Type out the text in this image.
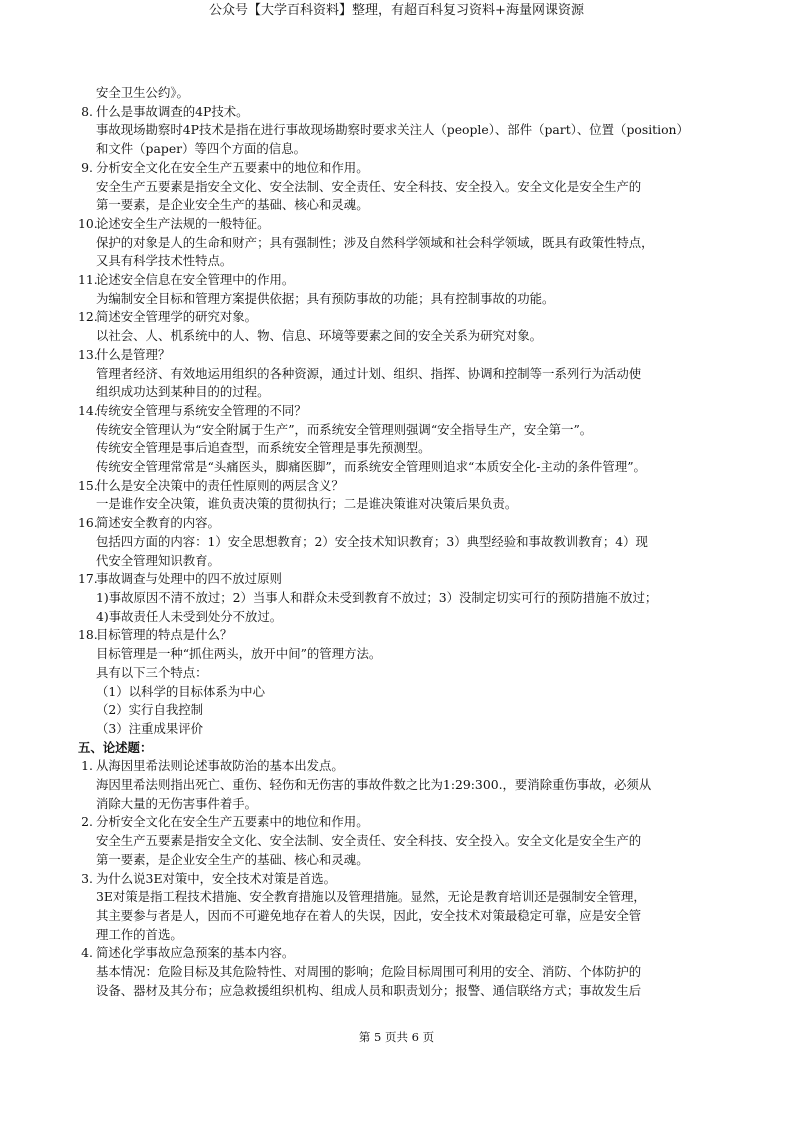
公众号【大学百科资料】整理，有超百科复习资料+海量网课资源
安全卫生公约》。
8. 什么是事故调查的4P技术。
事故现场勘察时4P技术是指在进行事故现场勘察时要求关注人（people）、部件（part）、位置（position）
和文件（paper）等四个方面的信息。
9. 分析安全文化在安全生产五要素中的地位和作用。
安全生产五要素是指安全文化、安全法制、安全责任、安全科技、安全投入。安全文化是安全生产的
第一要素，是企业安全生产的基础、核心和灵魂。
10.
论述安全生产法规的一般特征。
保护的对象是人的生命和财产；具有强制性；涉及自然科学领域和社会科学领域，既具有政策性特点，
又具有科学技术性特点。
11.
论述安全信息在安全管理中的作用。
为编制安全目标和管理方案提供依据；具有预防事故的功能；具有控制事故的功能。
12.
简述安全管理学的研究对象。
以社会、人、机系统中的人、物、信息、环境等要素之间的安全关系为研究对象。
13.
什么是管理？
管理者经济、有效地运用组织的各种资源，通过计划、组织、指挥、协调和控制等一系列行为活动使
组织成功达到某种目的的过程。
14.
传统安全管理与系统安全管理的不同？
传统安全管理认为“安全附属于生产”，而系统安全管理则强调“安全指导生产，安全第一”。
传统安全管理是事后追查型，而系统安全管理是事先预测型。
传统安全管理常常是“头痛医头，脚痛医脚”，而系统安全管理则追求“本质安全化-主动的条件管理”。
15.
什么是安全决策中的责任性原则的两层含义？
一是谁作安全决策，谁负责决策的贯彻执行；二是谁决策谁对决策后果负责。
16.
简述安全教育的内容。
包括四方面的内容：1）安全思想教育；2）安全技术知识教育；3）典型经验和事故教训教育；4）现
代安全管理知识教育。
17.
事故调查与处理中的四不放过原则
1)事故原因不清不放过；2）当事人和群众未受到教育不放过；3）没制定切实可行的预防措施不放过；
4)事故责任人未受到处分不放过。
18.
目标管理的特点是什么？
目标管理是一种“抓住两头，放开中间”的管理方法。
具有以下三个特点：
（1）以科学的目标体系为中心
（2）实行自我控制
（3）注重成果评价
五、论述题：
1. 从海因里希法则论述事故防治的基本出发点。
海因里希法则指出死亡、重伤、轻伤和无伤害的事故件数之比为1:29:300.，要消除重伤事故，必须从
消除大量的无伤害事件着手。
2. 分析安全文化在安全生产五要素中的地位和作用。
安全生产五要素是指安全文化、安全法制、安全责任、安全科技、安全投入。安全文化是安全生产的
第一要素，是企业安全生产的基础、核心和灵魂。
3. 为什么说3E对策中，安全技术对策是首选。
3E对策是指工程技术措施、安全教育措施以及管理措施。显然，无论是教育培训还是强制安全管理，
其主要参与者是人，因而不可避免地存在着人的失误，因此，安全技术对策最稳定可靠，应是安全管
理工作的首选。
4. 简述化学事故应急预案的基本内容。
基本情况：危险目标及其危险特性、对周围的影响；危险目标周围可利用的安全、消防、个体防护的
设备、器材及其分布；应急救援组织机构、组成人员和职责划分；报警、通信联络方式；事故发生后
第 5 页共 6 页
